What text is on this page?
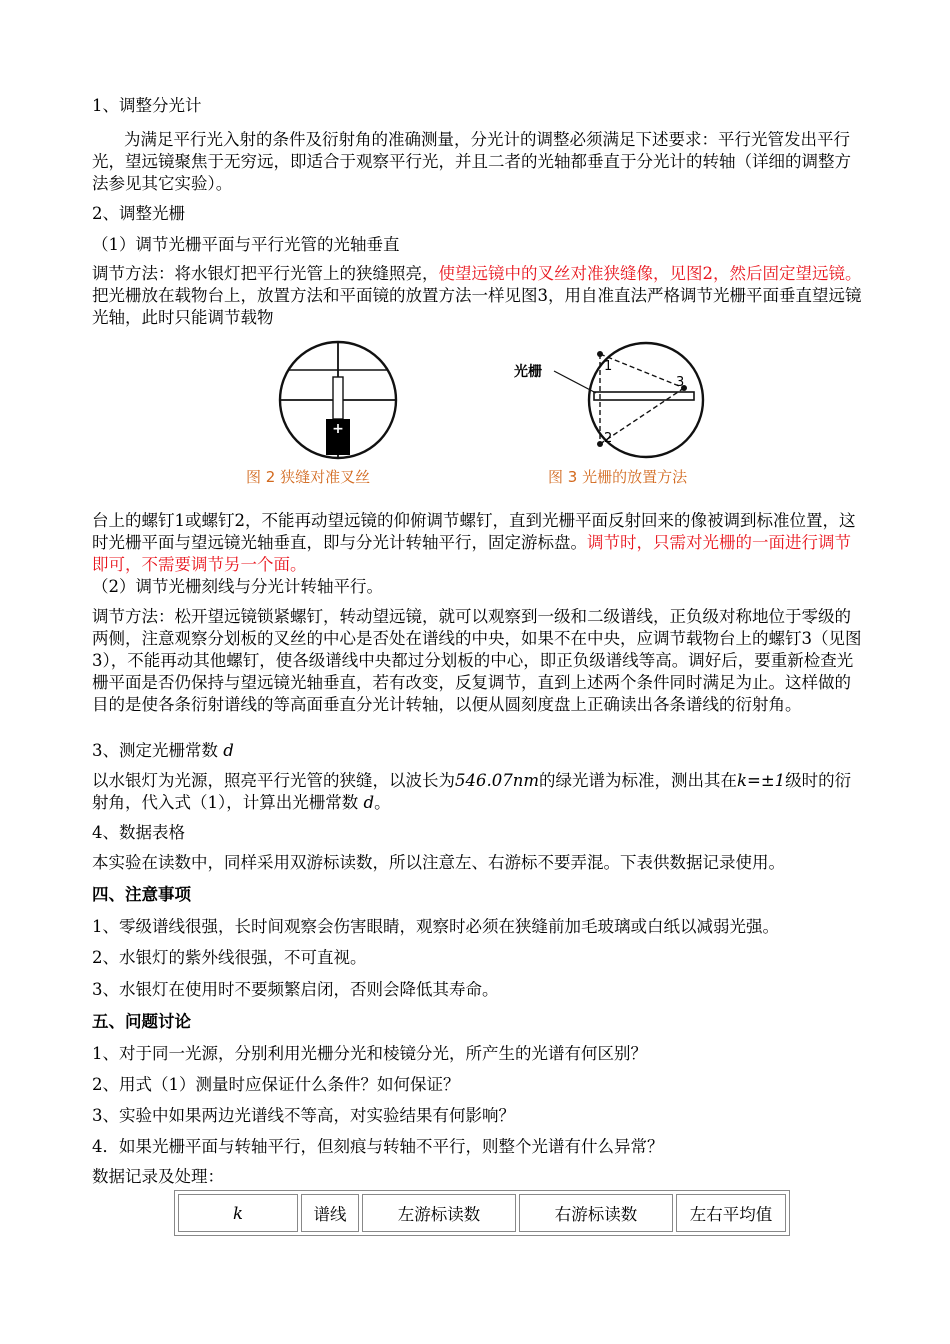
1、调整分光计

为满足平行光入射的条件及衍射角的准确测量，分光计的调整必须满足下述要求：平行光管发出平行光，望远镜聚焦于无穷远，即适合于观察平行光，并且二者的光轴都垂直于分光计的转轴（详细的调整方法参见其它实验）。

2、调整光栅

（1）调节光栅平面与平行光管的光轴垂直

调节方法：将水银灯把平行光管上的狭缝照亮，使望远镜中的叉丝对准狭缝像，见图2，然后固定望远镜。把光栅放在载物台上，放置方法和平面镜的放置方法一样见图3，用自准直法严格调节光栅平面垂直望远镜光轴，此时只能调节载物

+
图 2 狭缝对准叉丝
光栅	1
2
3
图 3 光栅的放置方法

台上的螺钉1或螺钉2，不能再动望远镜的仰俯调节螺钉，直到光栅平面反射回来的像被调到标准位置，这时光栅平面与望远镜光轴垂直，即与分光计转轴平行，固定游标盘。调节时，只需对光栅的一面进行调节即可，不需要调节另一个面。

（2）调节光栅刻线与分光计转轴平行。

调节方法：松开望远镜锁紧螺钉，转动望远镜，就可以观察到一级和二级谱线，正负级对称地位于零级的两侧，注意观察分划板的叉丝的中心是否处在谱线的中央，如果不在中央，应调节载物台上的螺钉3（见图3），不能再动其他螺钉，使各级谱线中央都过分划板的中心，即正负级谱线等高。调好后，要重新检查光栅平面是否仍保持与望远镜光轴垂直，若有改变，反复调节，直到上述两个条件同时满足为止。这样做的目的是使各条衍射谱线的等高面垂直分光计转轴，以便从圆刻度盘上正确读出各条谱线的衍射角。

3、测定光栅常数 d

以水银灯为光源，照亮平行光管的狭缝，以波长为546.07nm的绿光谱为标准，测出其在k=±1级时的衍射角，代入式（1），计算出光栅常数 d。

4、数据表格

本实验在读数中，同样采用双游标读数，所以注意左、右游标不要弄混。下表供数据记录使用。

四、注意事项

1、零级谱线很强，长时间观察会伤害眼睛，观察时必须在狭缝前加毛玻璃或白纸以减弱光强。

2、水银灯的紫外线很强，不可直视。

3、水银灯在使用时不要频繁启闭，否则会降低其寿命。

五、问题讨论

1、对于同一光源，分别利用光栅分光和棱镜分光，所产生的光谱有何区别？

2、用式（1）测量时应保证什么条件？如何保证？

3、实验中如果两边光谱线不等高，对实验结果有何影响？

4．如果光栅平面与转轴平行，但刻痕与转轴不平行，则整个光谱有什么异常？

数据记录及处理：

k	谱线	左游标读数	右游标读数	左右平均值
